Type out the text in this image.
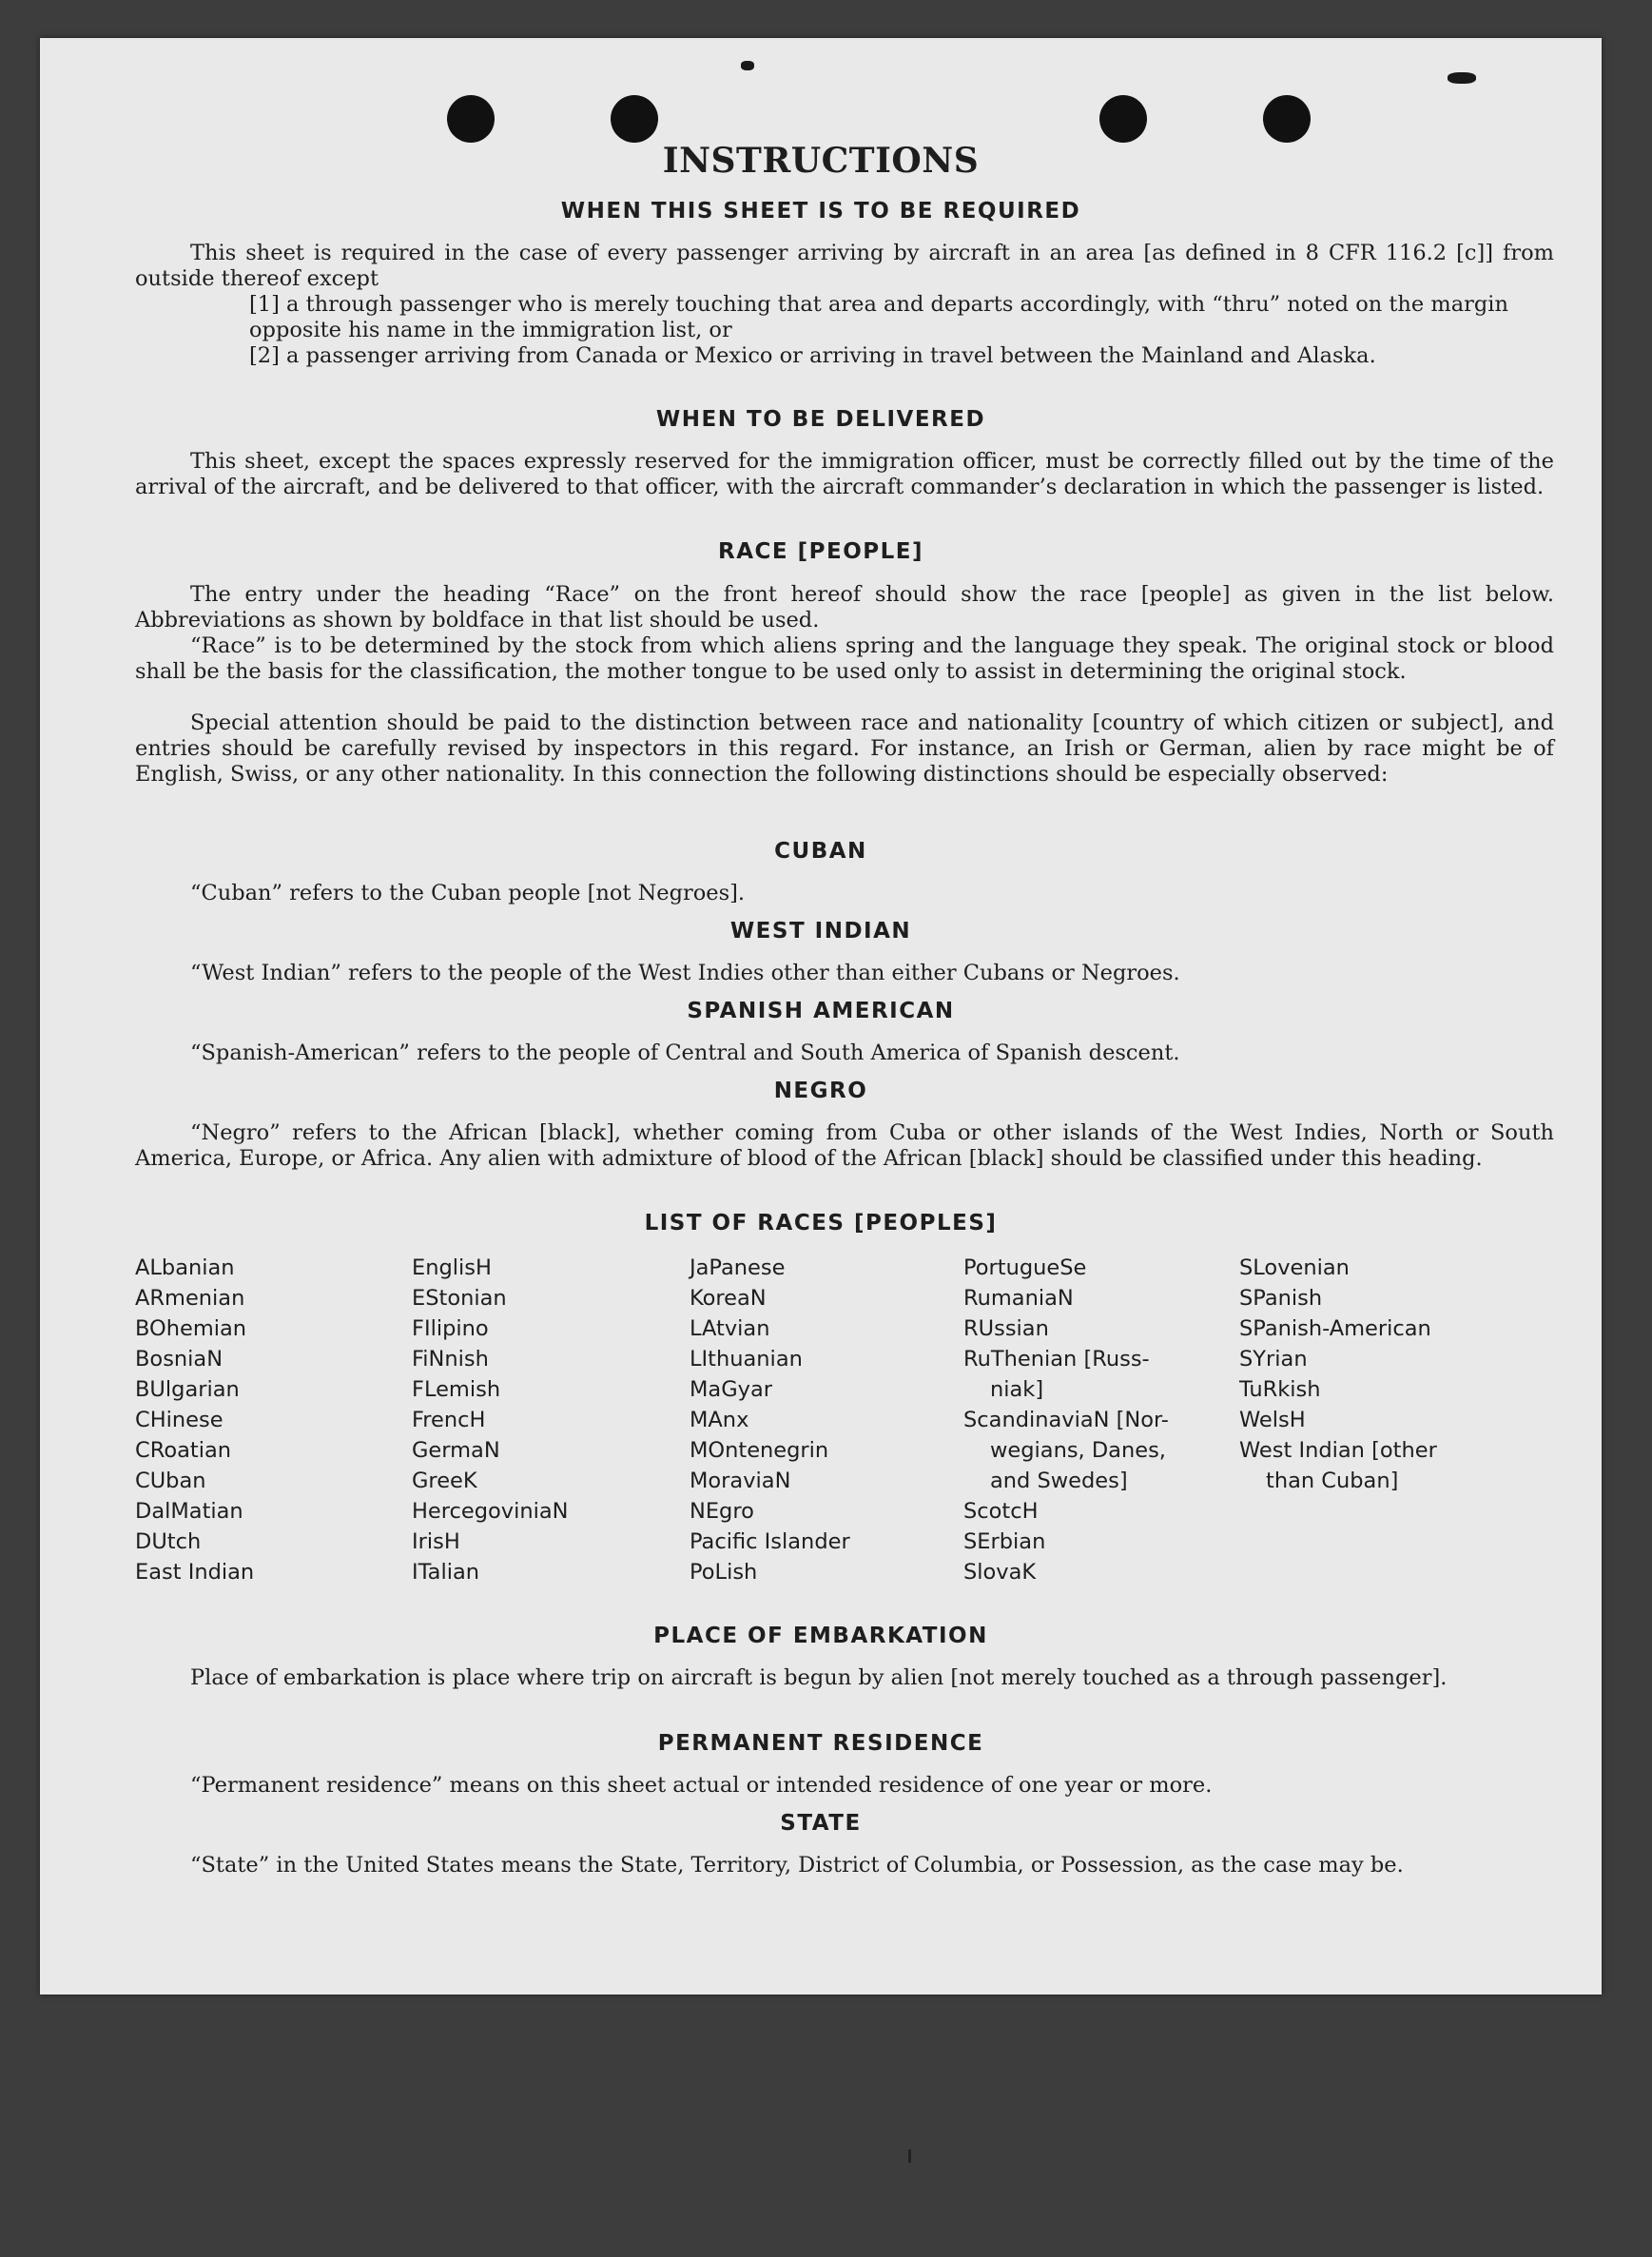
INSTRUCTIONS
WHEN THIS SHEET IS TO BE REQUIRED
This sheet is required in the case of every passenger arriving by aircraft in an area [as defined in 8 CFR 116.2 [c]] from outside thereof except
[1] a through passenger who is merely touching that area and departs accordingly, with “thru” noted on the margin opposite his name in the immigration list, or
[2] a passenger arriving from Canada or Mexico or arriving in travel between the Mainland and Alaska.
WHEN TO BE DELIVERED
This sheet, except the spaces expressly reserved for the immigration officer, must be correctly filled out by the time of the arrival of the aircraft, and be delivered to that officer, with the aircraft commander’s declaration in which the passenger is listed.
RACE [PEOPLE]
The entry under the heading “Race” on the front hereof should show the race [people] as given in the list below. Abbreviations as shown by boldface in that list should be used.
“Race” is to be determined by the stock from which aliens spring and the language they speak. The original stock or blood shall be the basis for the classification, the mother tongue to be used only to assist in determining the original stock.
Special attention should be paid to the distinction between race and nationality [country of which citizen or subject], and entries should be carefully revised by inspectors in this regard. For instance, an Irish or German, alien by race might be of English, Swiss, or any other nationality. In this connection the following distinctions should be especially observed:
CUBAN
“Cuban” refers to the Cuban people [not Negroes].
WEST INDIAN
“West Indian” refers to the people of the West Indies other than either Cubans or Negroes.
SPANISH AMERICAN
“Spanish-American” refers to the people of Central and South America of Spanish descent.
NEGRO
“Negro” refers to the African [black], whether coming from Cuba or other islands of the West Indies, North or South America, Europe, or Africa. Any alien with admixture of blood of the African [black] should be classified under this heading.
LIST OF RACES [PEOPLES]
ALbanian
ARmenian
BOhemian
BosniaN
BUlgarian
CHinese
CRoatian
CUban
DalMatian
DUtch
East Indian
EnglisH
EStonian
FIlipino
FiNnish
FLemish
FrencH
GermaN
GreeK
HercegoviniaN
IrisH
ITalian
JaPanese
KoreaN
LAtvian
LIthuanian
MaGyar
MAnx
MOntenegrin
MoraviaN
NEgro
Pacific Islander
PoLish
PortugueSe
RumaniaN
RUssian
RuThenian [Russ-
niak]
ScandinaviaN [Nor-
wegians, Danes,
and Swedes]
ScotcH
SErbian
SlovaK
SLovenian
SPanish
SPanish-American
SYrian
TuRkish
WelsH
West Indian [other
than Cuban]
PLACE OF EMBARKATION
Place of embarkation is place where trip on aircraft is begun by alien [not merely touched as a through passenger].
PERMANENT RESIDENCE
“Permanent residence” means on this sheet actual or intended residence of one year or more.
STATE
“State” in the United States means the State, Territory, District of Columbia, or Possession, as the case may be.
